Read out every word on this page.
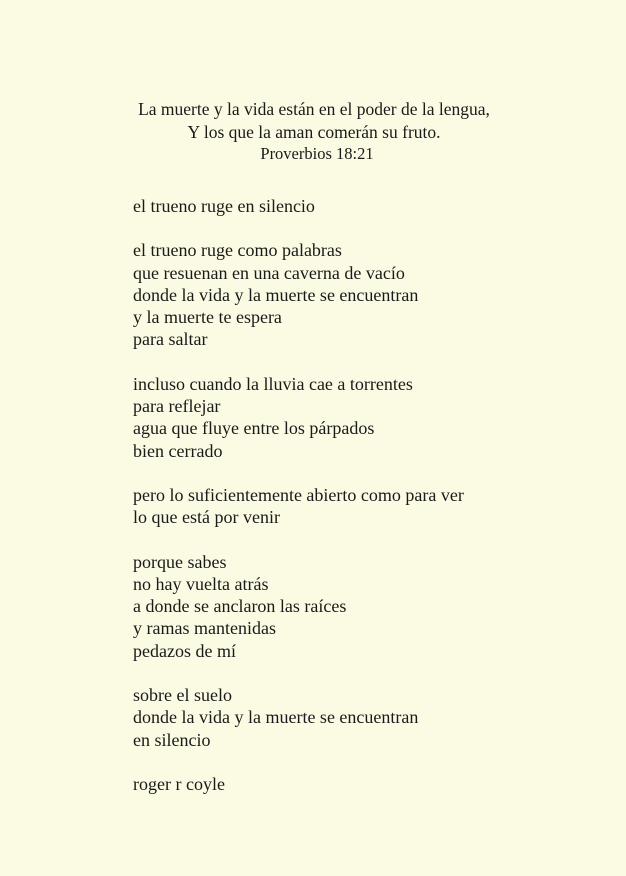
La muerte y la vida están en el poder de la lengua,
Y los que la aman comerán su fruto.
Proverbios 18:21
el trueno ruge en silencio
el trueno ruge como palabras
que resuenan en una caverna de vacío
donde la vida y la muerte se encuentran
y la muerte te espera
para saltar
incluso cuando la lluvia cae a torrentes
para reflejar
agua que fluye entre los párpados
bien cerrado
pero lo suficientemente abierto como para ver
lo que está por venir
porque sabes
no hay vuelta atrás
a donde se anclaron las raíces
y ramas mantenidas
pedazos de mí
sobre el suelo
donde la vida y la muerte se encuentran
en silencio
roger r coyle
